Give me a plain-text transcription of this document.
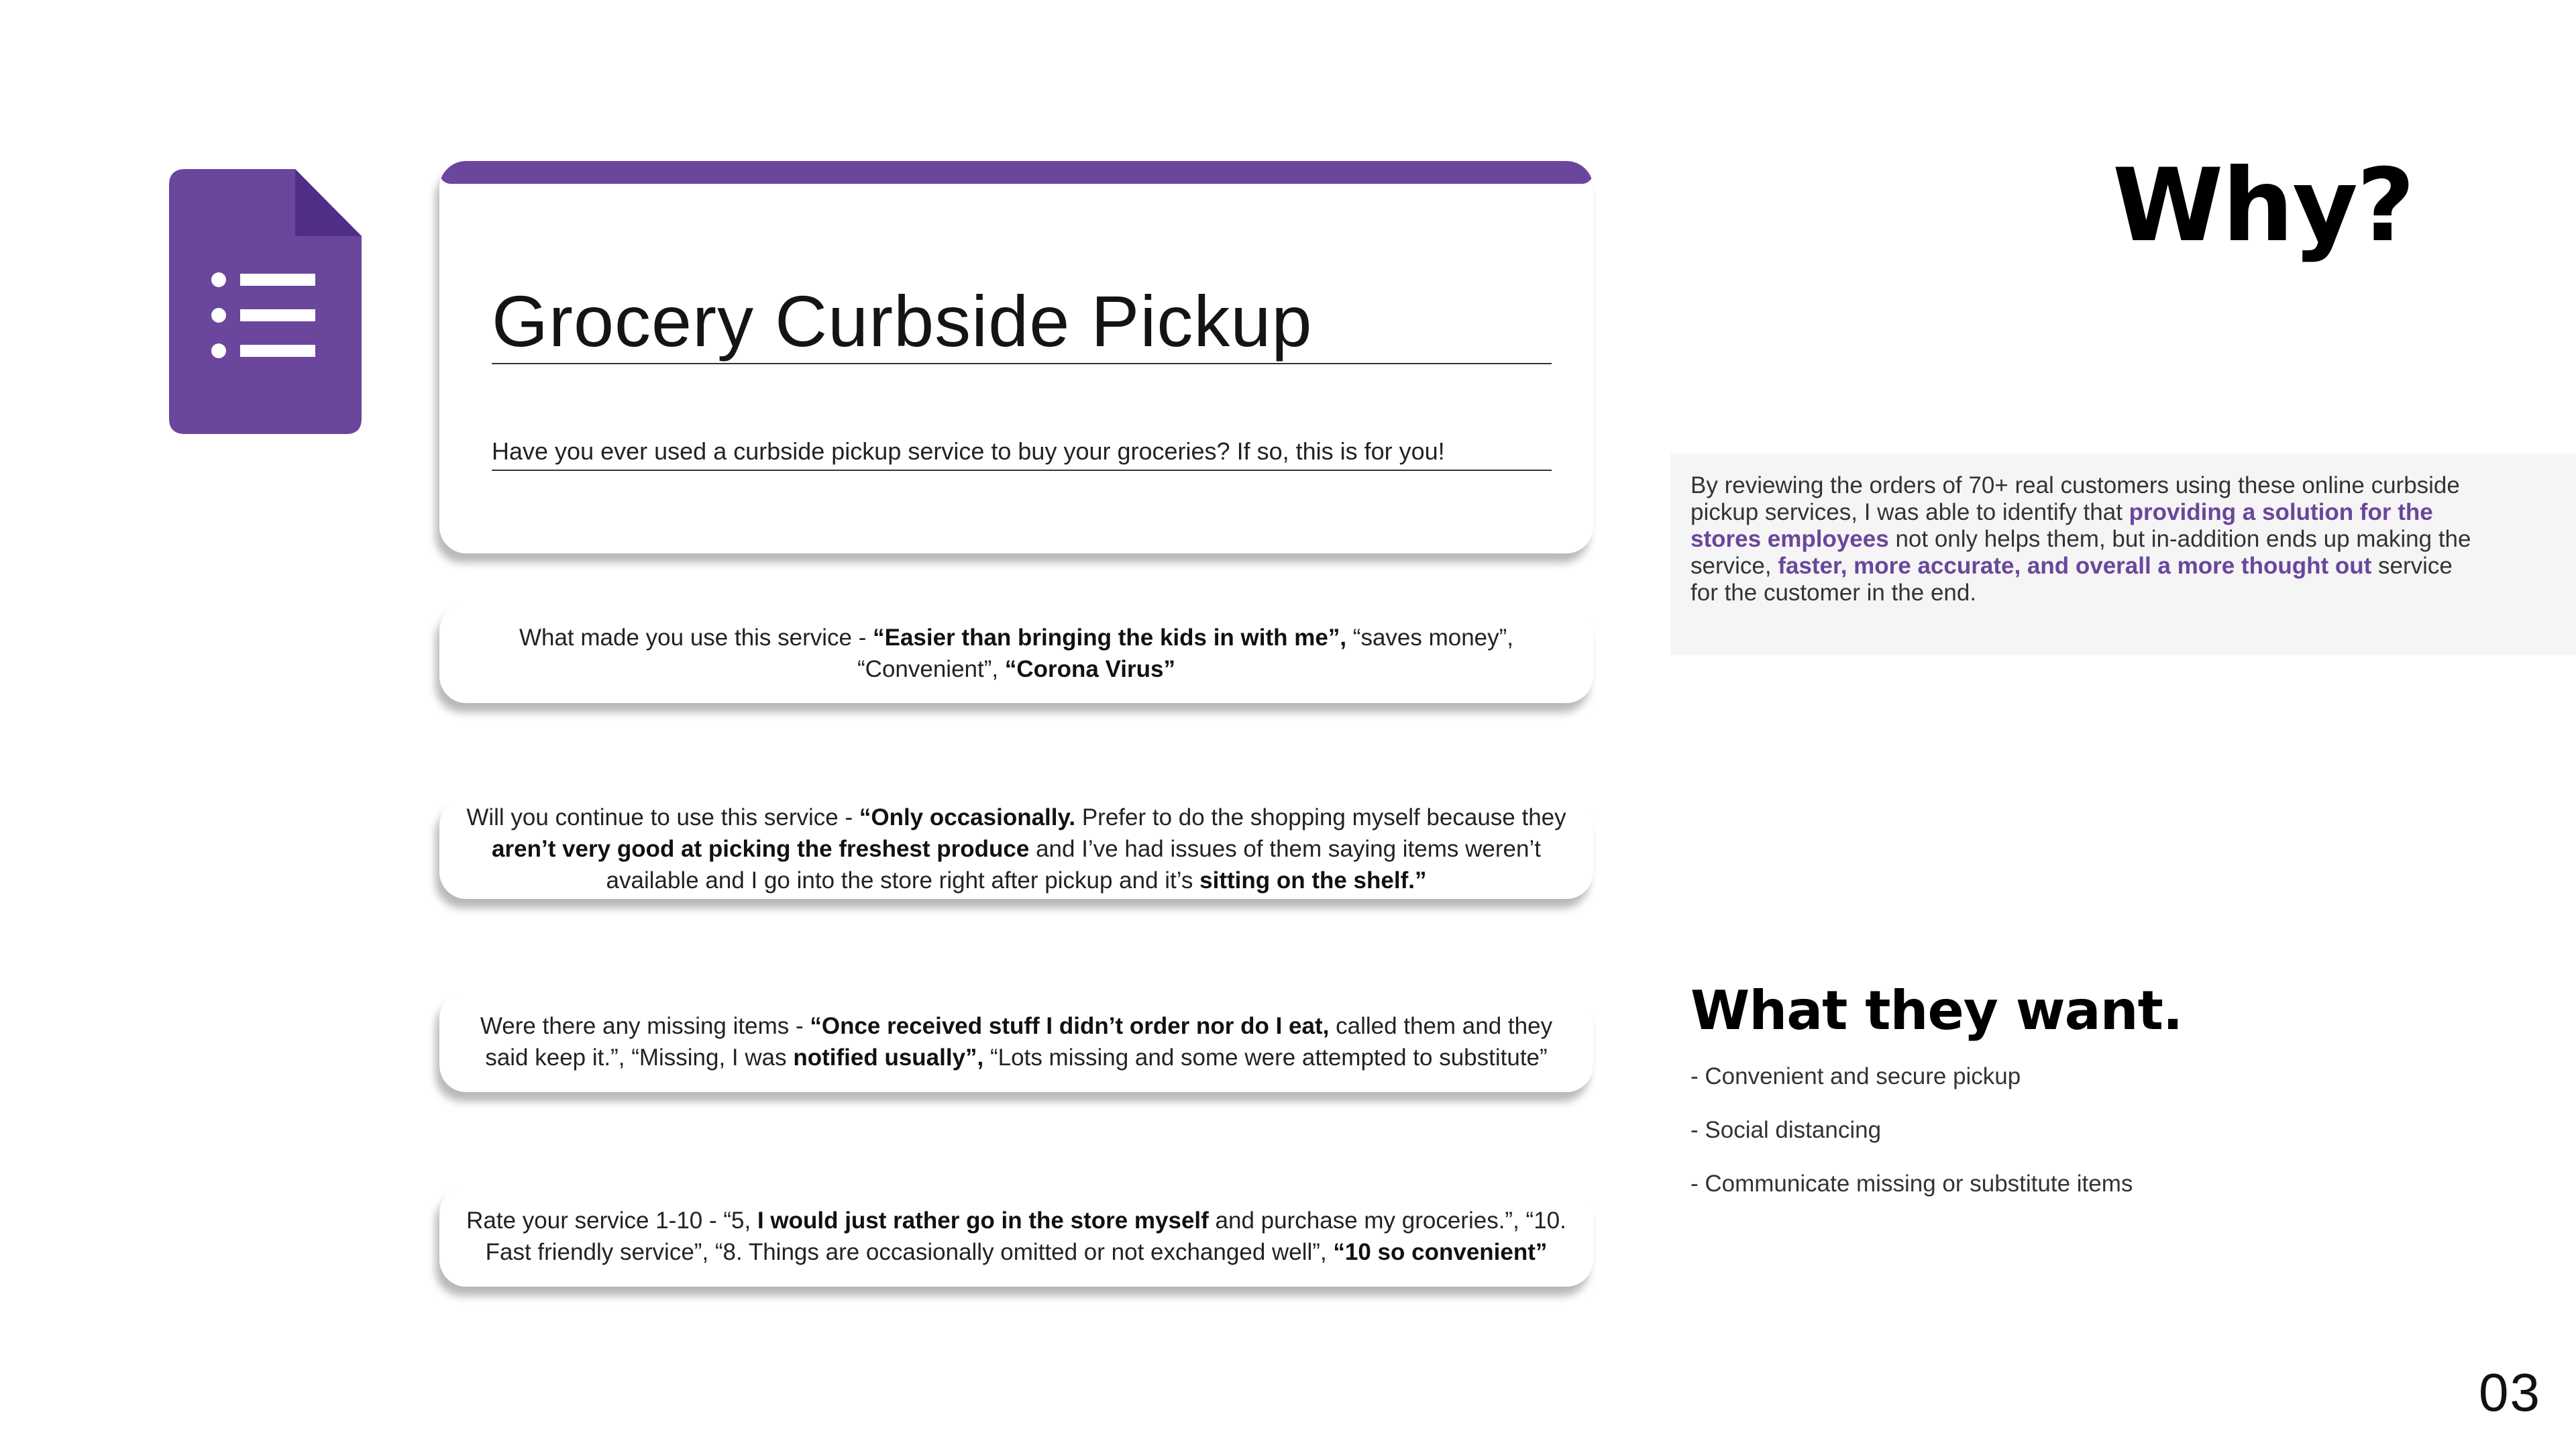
Grocery Curbside Pickup
Have you ever used a curbside pickup service to buy your groceries? If so, this is for you!
What made you use this service - “Easier than bringing the kids in with me”, “saves money”, “Convenient”, “Corona Virus”
Will you continue to use this service - “Only occasionally. Prefer to do the shopping myself because they aren’t very good at picking the freshest produce and I’ve had issues of them saying items weren’t available and I go into the store right after pickup and it’s sitting on the shelf.”
Were there any missing items - “Once received stuff I didn’t order nor do I eat, called them and they said keep it.”, “Missing, I was notified usually”, “Lots missing and some were attempted to substitute”
Rate your service 1-10 - “5, I would just rather go in the store myself and purchase my groceries.”, “10. Fast friendly service”, “8. Things are occasionally omitted or not exchanged well”, “10 so convenient”
Why?
By reviewing the orders of 70+ real customers using these online curbside pickup services, I was able to identify that providing a solution for the stores employees not only helps them, but in-addition ends up making the service, faster, more accurate, and overall a more thought out service for the customer in the end.
What they want.
- Convenient and secure pickup
- Social distancing
- Communicate missing or substitute items
03
